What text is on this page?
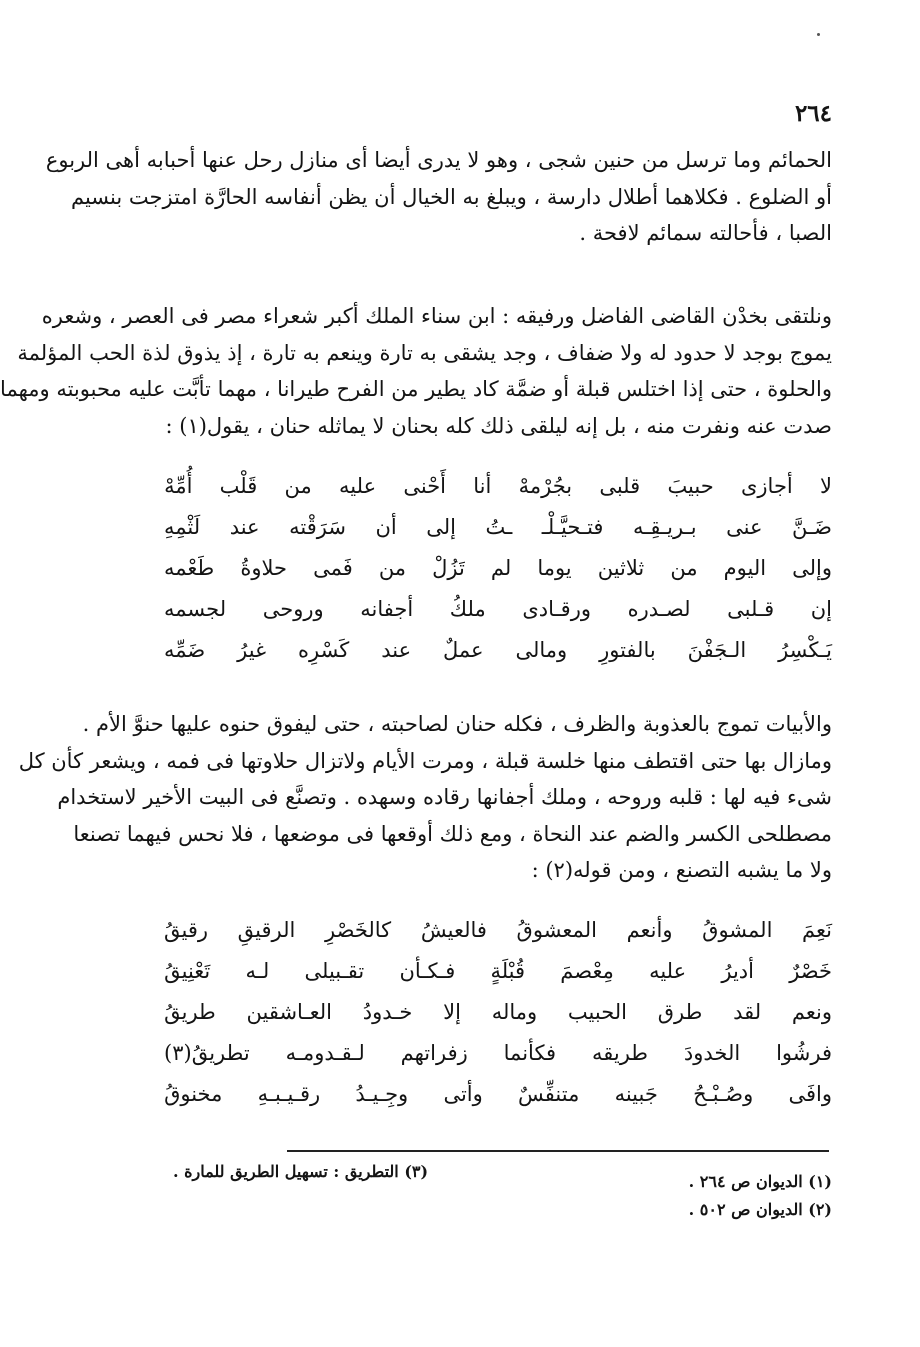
٢٦٤
الحمائم وما ترسل من حنين شجى ، وهو لا يدرى أيضا أى منازل رحل عنها أحبابه أهى الربوع
أو الضلوع . فكلاهما أطلال دارسة ، ويبلغ به الخيال أن يظن أنفاسه الحارَّة امتزجت بنسيم
الصبا ، فأحالته سمائم لافحة .
ونلتقى بخدْن القاضى الفاضل ورفيقه : ابن سناء الملك أكبر شعراء مصر فى العصر ، وشعره
يموج بوجد لا حدود له ولا ضفاف ، وجد يشقى به تارة وينعم به تارة ، إذ يذوق لذة الحب المؤلمة
والحلوة ، حتى إذا اختلس قبلة أو ضمَّة كاد يطير من الفرح طيرانا ، مهما تأبَّت عليه محبوبته ومهما
صدت عنه ونفرت منه ، بل إنه ليلقى ذلك كله بحنان لا يماثله حنان ، يقول(١) :
لا
أجازى
حبيبَ
قلبى
بجُرْمهْ
أنا
أَحْنى
عليه
من
قَلْب
أُمِّهْ
ضَـنَّ
عنى
بـريـقِـه
فتـحيَّـلْـ
ـتُ
إلى
أن
سَرَقْته
عند
لَثْمِهِ
وإلى
اليوم
من
ثلاثين
يوما
لم
تَزُلْ
من
فَمى
حلاوةُ
طَعْمه
إن
قـلبى
لصـدره
ورقـادى
ملكُ
أجفانه
وروحى
لجسمه
يَـكْسِرُ
الـجَفْنَ
بالفتورِ
ومالى
عملٌ
عند
كَسْرِه
غيرُ
ضَمِّه
والأبيات تموج بالعذوبة والظرف ، فكله حنان لصاحبته ، حتى ليفوق حنوه عليها حنوَّ الأم .
ومازال بها حتى اقتطف منها خلسة قبلة ، ومرت الأيام ولاتزال حلاوتها فى فمه ، ويشعر كأن كل
شىء فيه لها : قلبه وروحه ، وملك أجفانها رقاده وسهده . وتصنَّع فى البيت الأخير لاستخدام
مصطلحى الكسر والضم عند النحاة ، ومع ذلك أوقعها فى موضعها ، فلا نحس فيهما تصنعا
ولا ما يشبه التصنع ، ومن قوله(٢) :
نَعِمَ
المشوقُ
وأنعم
المعشوقُ
فالعيشُ
كالخَصْرِ
الرقيقِ
رقيقُ
خَصْرٌ
أديرُ
عليه
مِعْصمَ
قُبْلَةٍ
فـكـأن
تقـبيلى
لـه
تَعْنِيقُ
ونعم
لقد
طرق
الحبيب
وماله
إلا
خـدودُ
العـاشقين
طريقُ
فرشُوا
الخدودَ
طريقه
فكأنما
زفراتهم
لـقـدومـه
تطريقُ(٣)
وافَى
وصُـبْـحُ
جَبينه
متنفِّسٌ
وأتى
وجِـيـدُ
رقـيـبـهِ
مخنوقُ
(١) الديوان ص ٢٦٤ .
(٢) الديوان ص ٥٠٢ .
(٣) التطريق : تسهيل الطريق للمارة .
